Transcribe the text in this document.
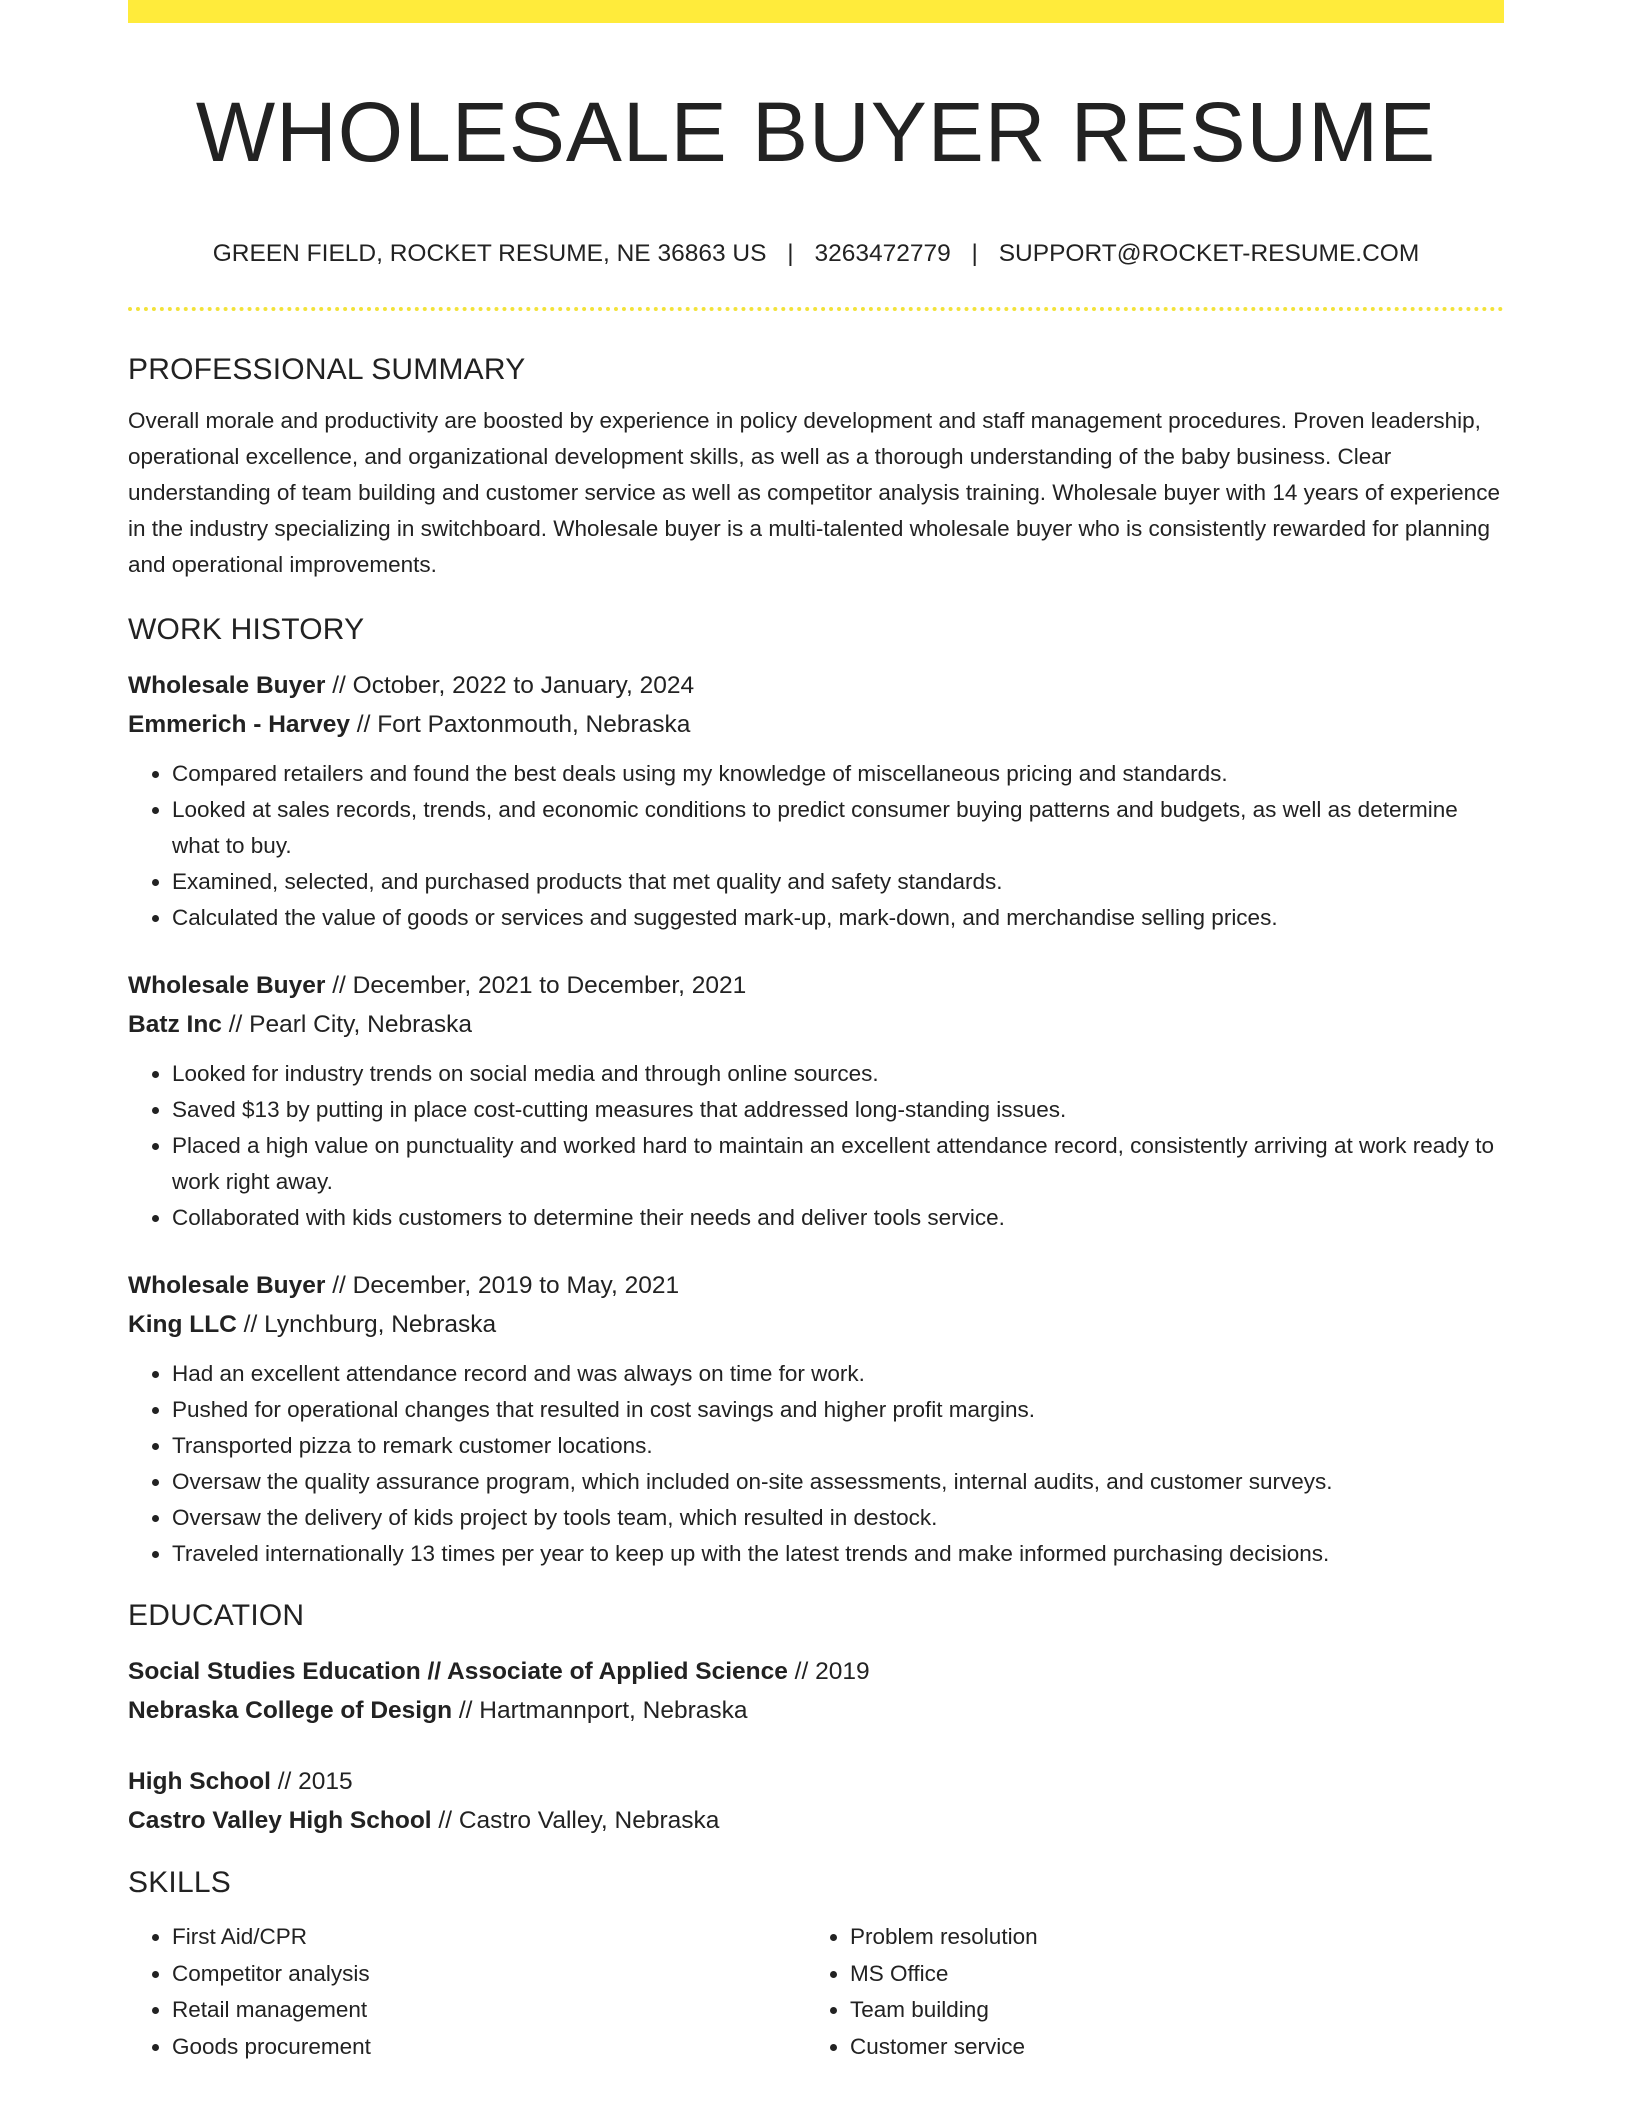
WHOLESALE BUYER RESUME
GREEN FIELD, ROCKET RESUME, NE 36863 US | 3263472779 | SUPPORT@ROCKET-RESUME.COM
PROFESSIONAL SUMMARY

Overall morale and productivity are boosted by experience in policy development and staff management procedures. Proven leadership, operational excellence, and organizational development skills, as well as a thorough understanding of the baby business. Clear understanding of team building and customer service as well as competitor analysis training. Wholesale buyer with 14 years of experience in the industry specializing in switchboard. Wholesale buyer is a multi-talented wholesale buyer who is consistently rewarded for planning and operational improvements.

WORK HISTORY

Wholesale Buyer // October, 2022 to January, 2024

Emmerich - Harvey // Fort Paxtonmouth, Nebraska

• Compared retailers and found the best deals using my knowledge of miscellaneous pricing and standards.
• Looked at sales records, trends, and economic conditions to predict consumer buying patterns and budgets, as well as determine what to buy.
• Examined, selected, and purchased products that met quality and safety standards.
• Calculated the value of goods or services and suggested mark-up, mark-down, and merchandise selling prices.

Wholesale Buyer // December, 2021 to December, 2021

Batz Inc // Pearl City, Nebraska

• Looked for industry trends on social media and through online sources.
• Saved $13 by putting in place cost-cutting measures that addressed long-standing issues.
• Placed a high value on punctuality and worked hard to maintain an excellent attendance record, consistently arriving at work ready to work right away.
• Collaborated with kids customers to determine their needs and deliver tools service.

Wholesale Buyer // December, 2019 to May, 2021

King LLC // Lynchburg, Nebraska

• Had an excellent attendance record and was always on time for work.
• Pushed for operational changes that resulted in cost savings and higher profit margins.
• Transported pizza to remark customer locations.
• Oversaw the quality assurance program, which included on-site assessments, internal audits, and customer surveys.
• Oversaw the delivery of kids project by tools team, which resulted in destock.
• Traveled internationally 13 times per year to keep up with the latest trends and make informed purchasing decisions.
EDUCATION

Social Studies Education // Associate of Applied Science // 2019

Nebraska College of Design // Hartmannport, Nebraska

High School // 2015

Castro Valley High School // Castro Valley, Nebraska

SKILLS
• First Aid/CPR
• Competitor analysis
• Retail management
• Goods procurement
• Problem resolution
• MS Office
• Team building
• Customer service
